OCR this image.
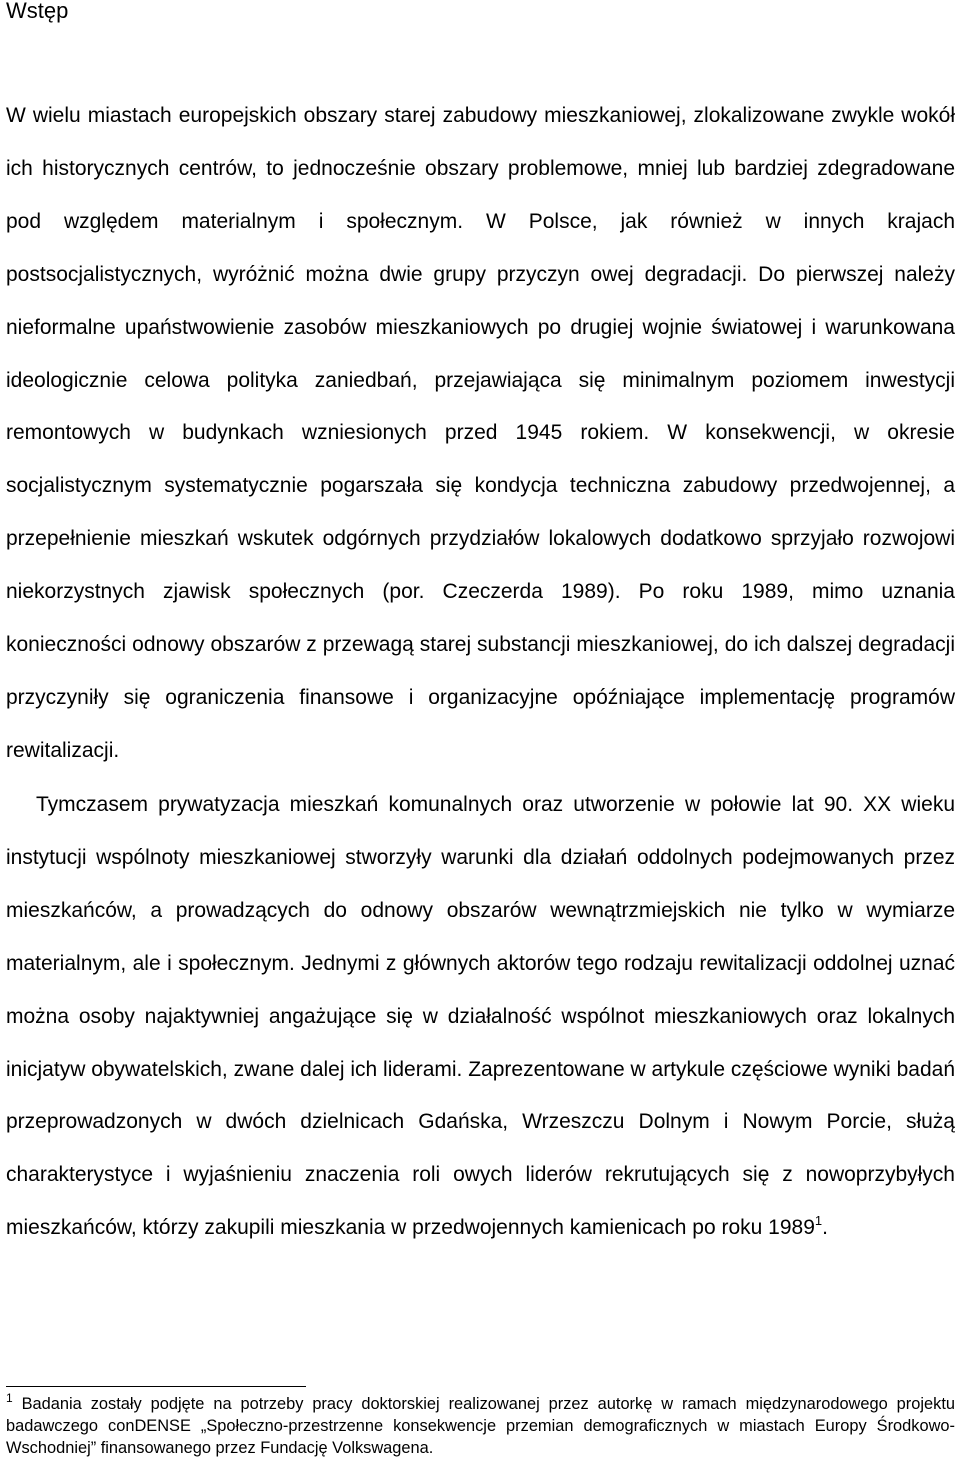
Wstęp

W wielu miastach europejskich obszary starej zabudowy mieszkaniowej, zlokalizowane zwykle wokół ich historycznych centrów, to jednocześnie obszary problemowe, mniej lub bardziej zdegradowane pod względem materialnym i społecznym. W Polsce, jak również w innych krajach postsocjalistycznych, wyróżnić można dwie grupy przyczyn owej degradacji. Do pierwszej należy nieformalne upaństwowienie zasobów mieszkaniowych po drugiej wojnie światowej i warunkowana ideologicznie celowa polityka zaniedbań, przejawiająca się minimalnym poziomem inwestycji remontowych w budynkach wzniesionych przed 1945 rokiem. W konsekwencji, w okresie socjalistycznym systematycznie pogarszała się kondycja techniczna zabudowy przedwojennej, a przepełnienie mieszkań wskutek odgórnych przydziałów lokalowych dodatkowo sprzyjało rozwojowi niekorzystnych zjawisk społecznych (por. Czeczerda 1989). Po roku 1989, mimo uznania konieczności odnowy obszarów z przewagą starej substancji mieszkaniowej, do ich dalszej degradacji przyczyniły się ograniczenia finansowe i organizacyjne opóźniające implementację programów rewitalizacji.

Tymczasem prywatyzacja mieszkań komunalnych oraz utworzenie w połowie lat 90. XX wieku instytucji wspólnoty mieszkaniowej stworzyły warunki dla działań oddolnych podejmowanych przez mieszkańców, a prowadzących do odnowy obszarów wewnątrzmiejskich nie tylko w wymiarze materialnym, ale i społecznym. Jednymi z głównych aktorów tego rodzaju rewitalizacji oddolnej uznać można osoby najaktywniej angażujące się w działalność wspólnot mieszkaniowych oraz lokalnych inicjatyw obywatelskich, zwane dalej ich liderami. Zaprezentowane w artykule częściowe wyniki badań przeprowadzonych w dwóch dzielnicach Gdańska, Wrzeszczu Dolnym i Nowym Porcie, służą charakterystyce i wyjaśnieniu znaczenia roli owych liderów rekrutujących się z nowoprzybyłych mieszkańców, którzy zakupili mieszkania w przedwojennych kamienicach po roku 1989$^1$.

$^1$ Badania zostały podjęte na potrzeby pracy doktorskiej realizowanej przez autorkę w ramach międzynarodowego projektu badawczego conDENSE „Społeczno-przestrzenne konsekwencje przemian demograficznych w miastach Europy Środkowo-Wschodniej” finansowanego przez Fundację Volkswagena.
